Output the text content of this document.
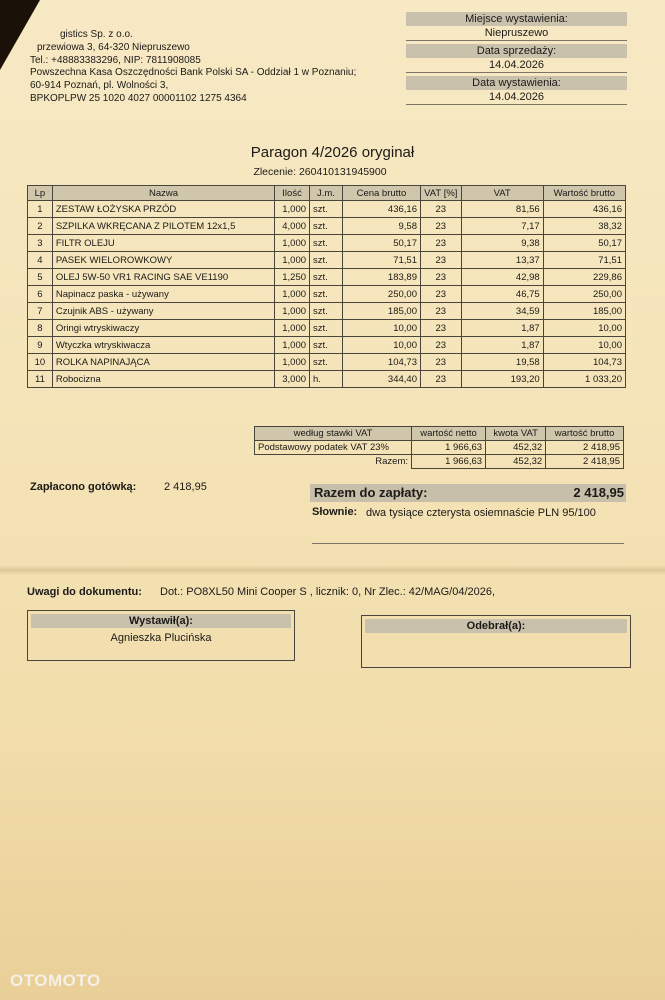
gistics Sp. z o.o.
przewiowa 3, 64-320 Niepruszewo
Tel.: +48883383296, NIP: 7811908085
Powszechna Kasa Oszczędności Bank Polski SA - Oddział 1 w Poznaniu;
60-914 Poznań, pl. Wolności 3,
BPKOPLPW 25 1020 4027 00001102 1275 4364
Miejsce wystawienia:
Niepruszewo
Data sprzedaży:
14.04.2026
Data wystawienia:
14.04.2026
Paragon 4/2026 oryginał
Zlecenie: 260410131945900
Lp	Nazwa	Ilość	J.m.	Cena brutto	VAT [%]	VAT	Wartość brutto
1	ZESTAW ŁOŻYSKA PRZÓD	1,000	szt.	436,16	23	81,56	436,16
2	SZPILKA WKRĘCANA Z PILOTEM 12x1,5	4,000	szt.	9,58	23	7,17	38,32
3	FILTR OLEJU	1,000	szt.	50,17	23	9,38	50,17
4	PASEK WIELOROWKOWY	1,000	szt.	71,51	23	13,37	71,51
5	OLEJ 5W-50 VR1 RACING SAE VE1190	1,250	szt.	183,89	23	42,98	229,86
6	Napinacz paska - używany	1,000	szt.	250,00	23	46,75	250,00
7	Czujnik ABS - używany	1,000	szt.	185,00	23	34,59	185,00
8	Oringi wtryskiwaczy	1,000	szt.	10,00	23	1,87	10,00
9	Wtyczka wtryskiwacza	1,000	szt.	10,00	23	1,87	10,00
10	ROLKA NAPINAJĄCA	1,000	szt.	104,73	23	19,58	104,73
11	Robocizna	3,000	h.	344,40	23	193,20	1 033,20
według stawki VAT	wartość netto	kwota VAT	wartość brutto
Podstawowy podatek VAT 23%	1 966,63	452,32	2 418,95
Razem:	1 966,63	452,32	2 418,95
Zapłacono gotówką:	2 418,95	Razem do zapłaty:	2 418,95
Słownie: dwa tysiące czterysta osiemnaście PLN 95/100
Uwagi do dokumentu: Dot.: PO8XL50 Mini Cooper S , licznik: 0, Nr Zlec.: 42/MAG/04/2026,
Wystawił(a):
Agnieszka Plucińska
Odebrał(a):
OTOMOTO
